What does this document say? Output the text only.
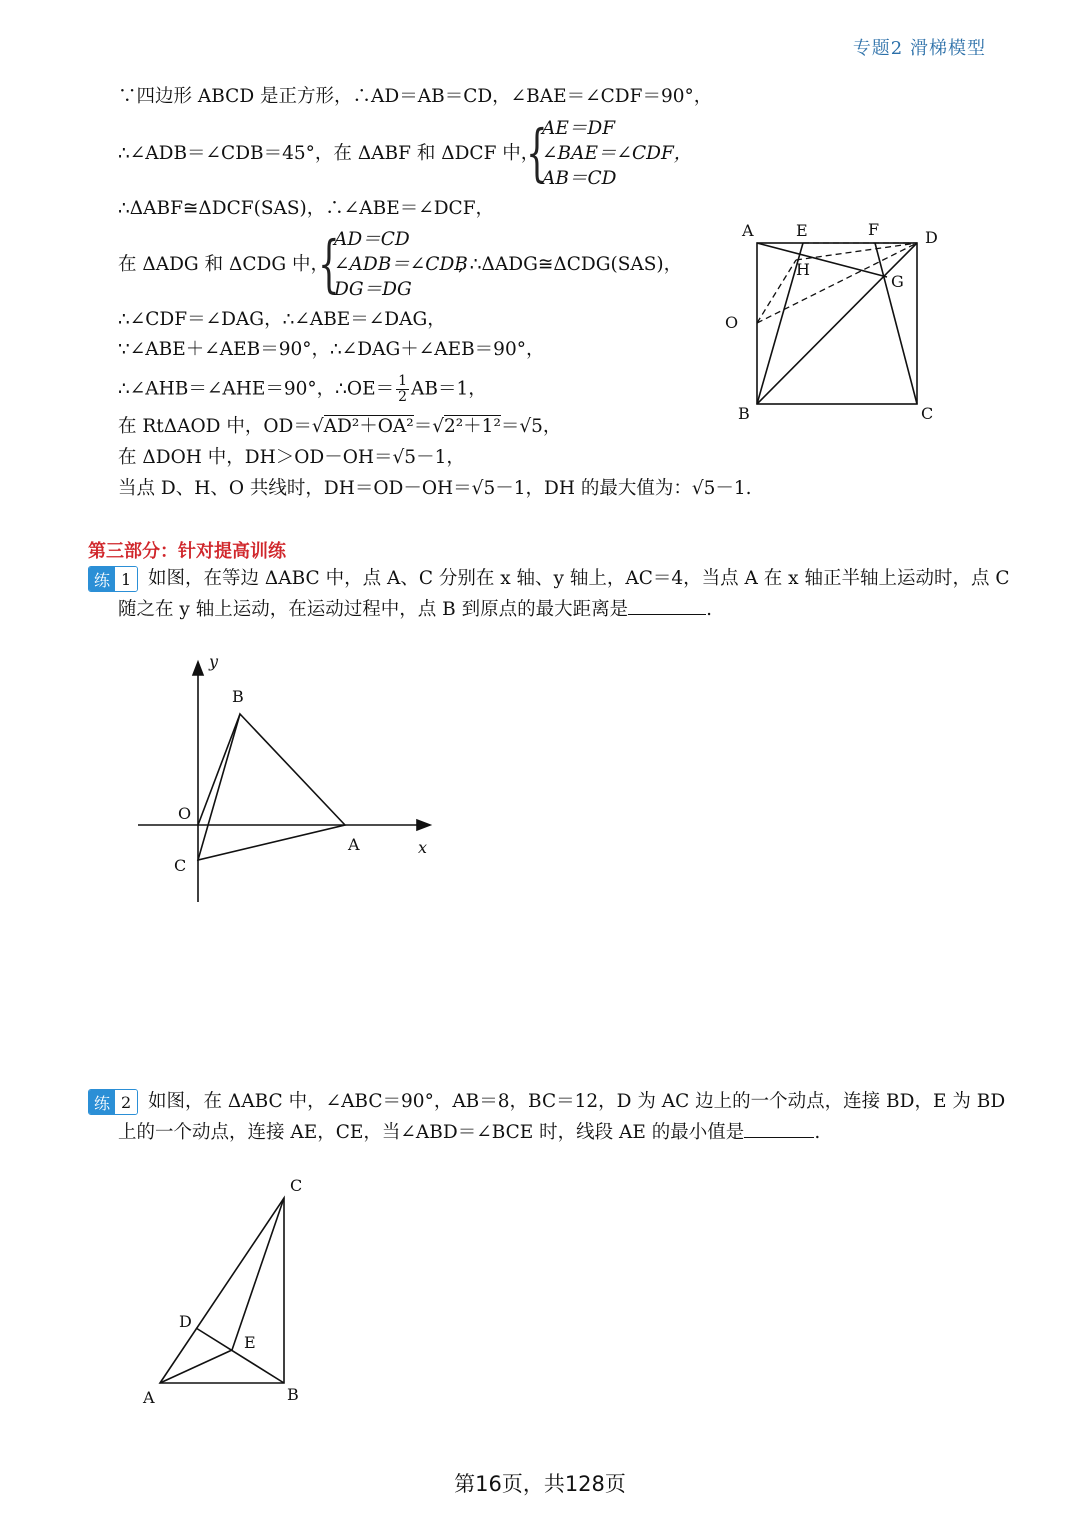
专题2 滑梯模型
∵四边形 ABCD 是正方形，∴AD＝AB＝CD，∠BAE＝∠CDF＝90°，
∴∠ADB＝∠CDB＝45°，在 ΔABF 和 ΔDCF 中，
{
AE＝DF
∠BAE＝∠CDF，
AB＝CD
∴ΔABF≅ΔDCF(SAS)，∴∠ABE＝∠DCF，
在 ΔADG 和 ΔCDG 中，
{
AD＝CD
∠ADB＝∠CDB
DG＝DG
, ∴ΔADG≅ΔCDG(SAS)，
∴∠CDF＝∠DAG，∴∠ABE＝∠DAG，
∵∠ABE＋∠AEB＝90°，∴∠DAG＋∠AEB＝90°，
∴∠AHB＝∠AHE＝90°，∴OE＝ $\frac{1}{2} AB=1$，
在 RtΔAOD 中，OD＝√AD²＋OA²＝√2²＋1²＝√5，
在 ΔDOH 中，DH＞OD－OH＝√5－1，
当点 D、H、O 共线时，DH＝OD－OH＝√5－1，DH 的最大值为：√5－1.
A	E	F	D
H
G
O
B	C
第三部分：针对提高训练
练 1 如图，在等边 ΔABC 中，点 A、C 分别在 x 轴、y 轴上，AC＝4，当点 A 在 x 轴正半轴上运动时，点 C
随之在 y 轴上运动，在运动过程中，点 B 到原点的最大距离是	.
y
x
B
O
A
C
练 2 如图，在 ΔABC 中，∠ABC＝90°，AB＝8，BC＝12，D 为 AC 边上的一个动点，连接 BD，E 为 BD
上的一个动点，连接 AE，CE，当∠ABD＝∠BCE 时，线段 AE 的最小值是	.
C
D
E
A	B
第16页，共128页
